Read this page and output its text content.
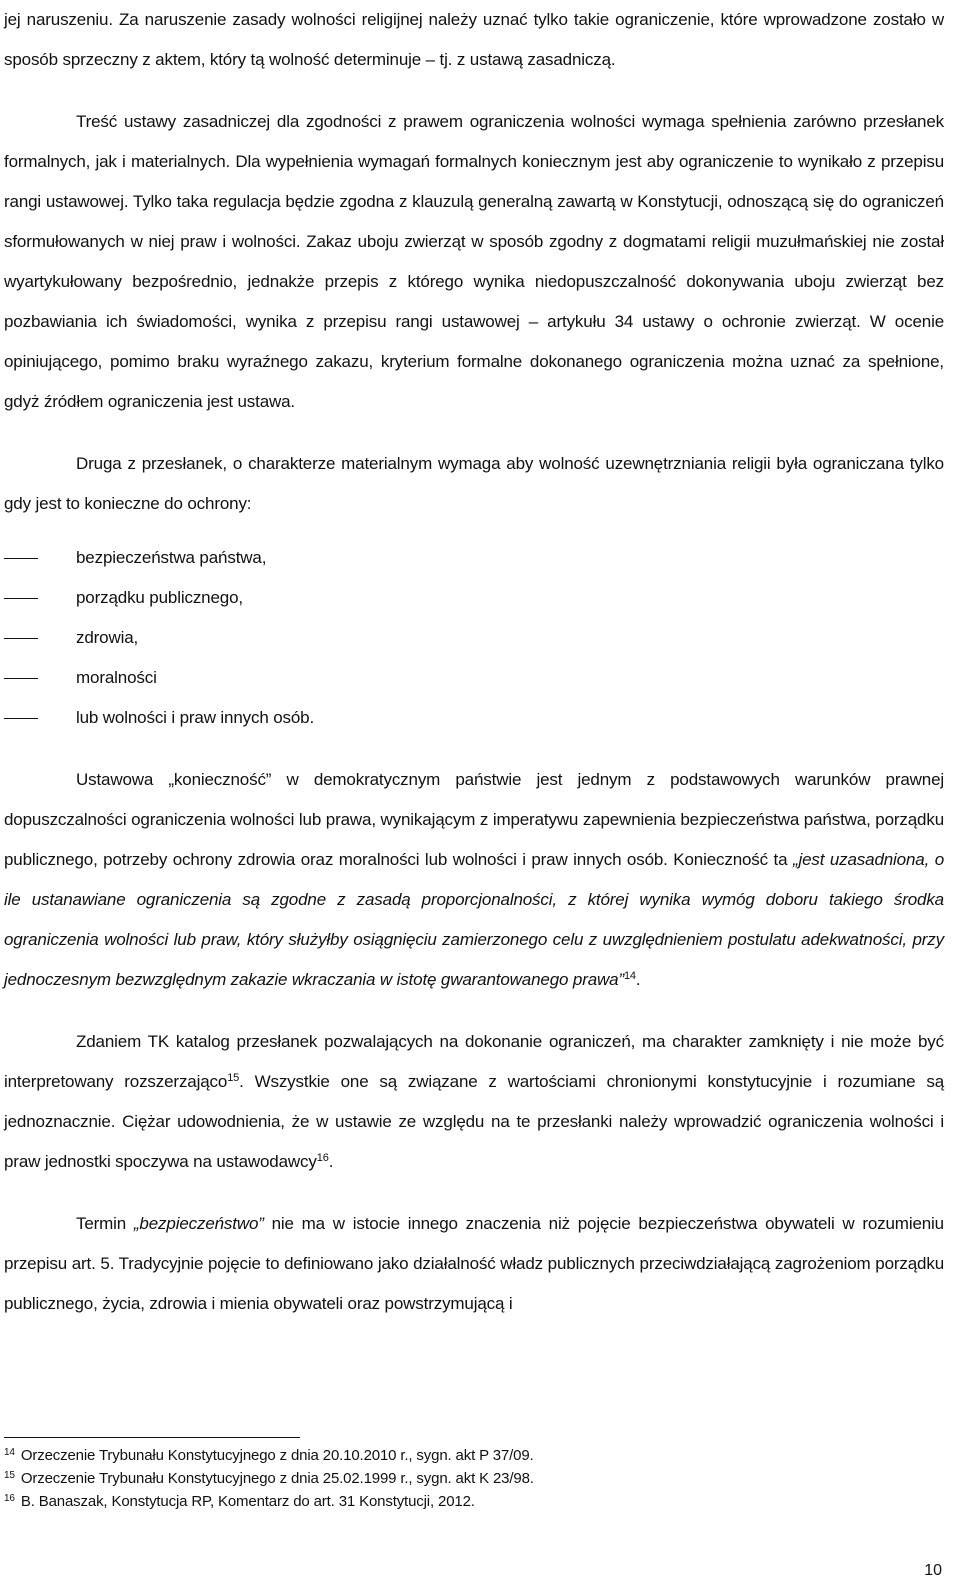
jej naruszeniu. Za naruszenie zasady wolności religijnej należy uznać tylko takie ograniczenie, które wprowadzone zostało w sposób sprzeczny z aktem, który tą wolność determinuje – tj. z ustawą zasadniczą.

Treść ustawy zasadniczej dla zgodności z prawem ograniczenia wolności wymaga spełnienia zarówno przesłanek formalnych, jak i materialnych. Dla wypełnienia wymagań formalnych koniecznym jest aby ograniczenie to wynikało z przepisu rangi ustawowej. Tylko taka regulacja będzie zgodna z klauzulą generalną zawartą w Konstytucji, odnoszącą się do ograniczeń sformułowanych w niej praw i wolności. Zakaz uboju zwierząt w sposób zgodny z dogmatami religii muzułmańskiej nie został wyartykułowany bezpośrednio, jednakże przepis z którego wynika niedopuszczalność dokonywania uboju zwierząt bez pozbawiania ich świadomości, wynika z przepisu rangi ustawowej – artykułu 34 ustawy o ochronie zwierząt. W ocenie opiniującego, pomimo braku wyraźnego zakazu, kryterium formalne dokonanego ograniczenia można uznać za spełnione, gdyż źródłem ograniczenia jest ustawa.

Druga z przesłanek, o charakterze materialnym wymaga aby wolność uzewnętrzniania religii była ograniczana tylko gdy jest to konieczne do ochrony:

bezpieczeństwa państwa,
porządku publicznego,
zdrowia,
moralności
lub wolności i praw innych osób.

Ustawowa „konieczność” w demokratycznym państwie jest jednym z podstawowych warunków prawnej dopuszczalności ograniczenia wolności lub prawa, wynikającym z imperatywu zapewnienia bezpieczeństwa państwa, porządku publicznego, potrzeby ochrony zdrowia oraz moralności lub wolności i praw innych osób. Konieczność ta „jest uzasadniona, o ile ustanawiane ograniczenia są zgodne z zasadą proporcjonalności, z której wynika wymóg doboru takiego środka ograniczenia wolności lub praw, który służyłby osiągnięciu zamierzonego celu z uwzględnieniem postulatu adekwatności, przy jednoczesnym bezwzględnym zakazie wkraczania w istotę gwarantowanego prawa”$^{14}$.

Zdaniem TK katalog przesłanek pozwalających na dokonanie ograniczeń, ma charakter zamknięty i nie może być interpretowany rozszerzająco$^{15}$. Wszystkie one są związane z wartościami chronionymi konstytucyjnie i rozumiane są jednoznacznie. Ciężar udowodnienia, że w ustawie ze względu na te przesłanki należy wprowadzić ograniczenia wolności i praw jednostki spoczywa na ustawodawcy$^{16}$.

Termin „bezpieczeństwo” nie ma w istocie innego znaczenia niż pojęcie bezpieczeństwa obywateli w rozumieniu przepisu art. 5. Tradycyjnie pojęcie to definiowano jako działalność władz publicznych przeciwdziałającą zagrożeniom porządku publicznego, życia, zdrowia i mienia obywateli oraz powstrzymującą i

$^{14}$ Orzeczenie Trybunału Konstytucyjnego z dnia 20.10.2010 r., sygn. akt P 37/09.
$^{15}$ Orzeczenie Trybunału Konstytucyjnego z dnia 25.02.1999 r., sygn. akt K 23/98.
$^{16}$ B. Banaszak, Konstytucja RP, Komentarz do art. 31 Konstytucji, 2012.
10
